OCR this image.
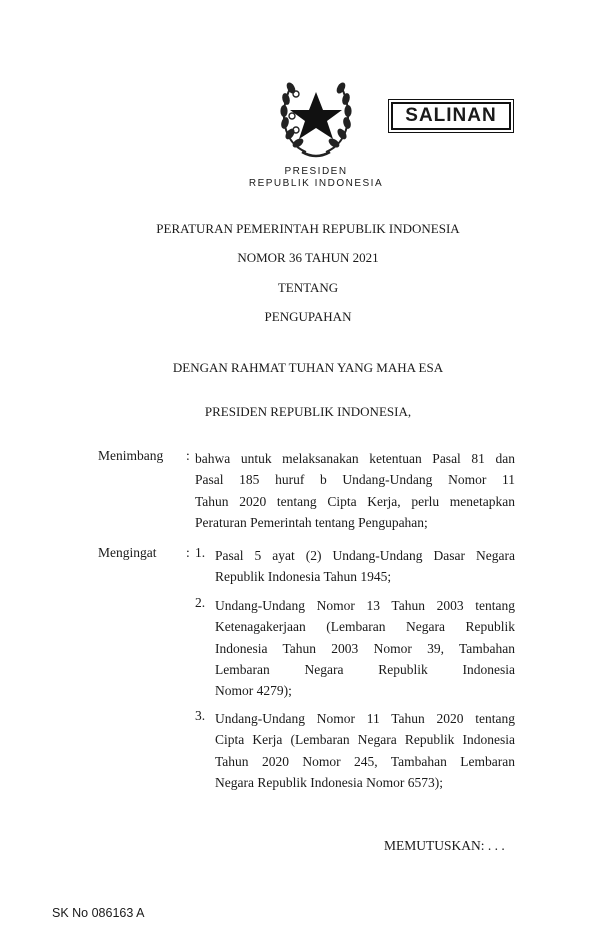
SALINAN
PRESIDEN
REPUBLIK INDONESIA
PERATURAN PEMERINTAH REPUBLIK INDONESIA
NOMOR 36 TAHUN 2021
TENTANG
PENGUPAHAN
DENGAN RAHMAT TUHAN YANG MAHA ESA
PRESIDEN REPUBLIK INDONESIA,
Menimbang : bahwa untuk melaksanakan ketentuan Pasal 81 dan
Pasal 185 huruf b Undang-Undang Nomor 11
Tahun 2020 tentang Cipta Kerja, perlu menetapkan
Peraturan Pemerintah tentang Pengupahan;
Mengingat : 1. Pasal 5 ayat (2) Undang-Undang Dasar Negara
Republik Indonesia Tahun 1945;
2. Undang-Undang Nomor 13 Tahun 2003 tentang
Ketenagakerjaan (Lembaran Negara Republik
Indonesia Tahun 2003 Nomor 39, Tambahan
Lembaran Negara Republik Indonesia
Nomor 4279);
3. Undang-Undang Nomor 11 Tahun 2020 tentang
Cipta Kerja (Lembaran Negara Republik Indonesia
Tahun 2020 Nomor 245, Tambahan Lembaran
Negara Republik Indonesia Nomor 6573);
MEMUTUSKAN: . . .
SK No 086163 A
